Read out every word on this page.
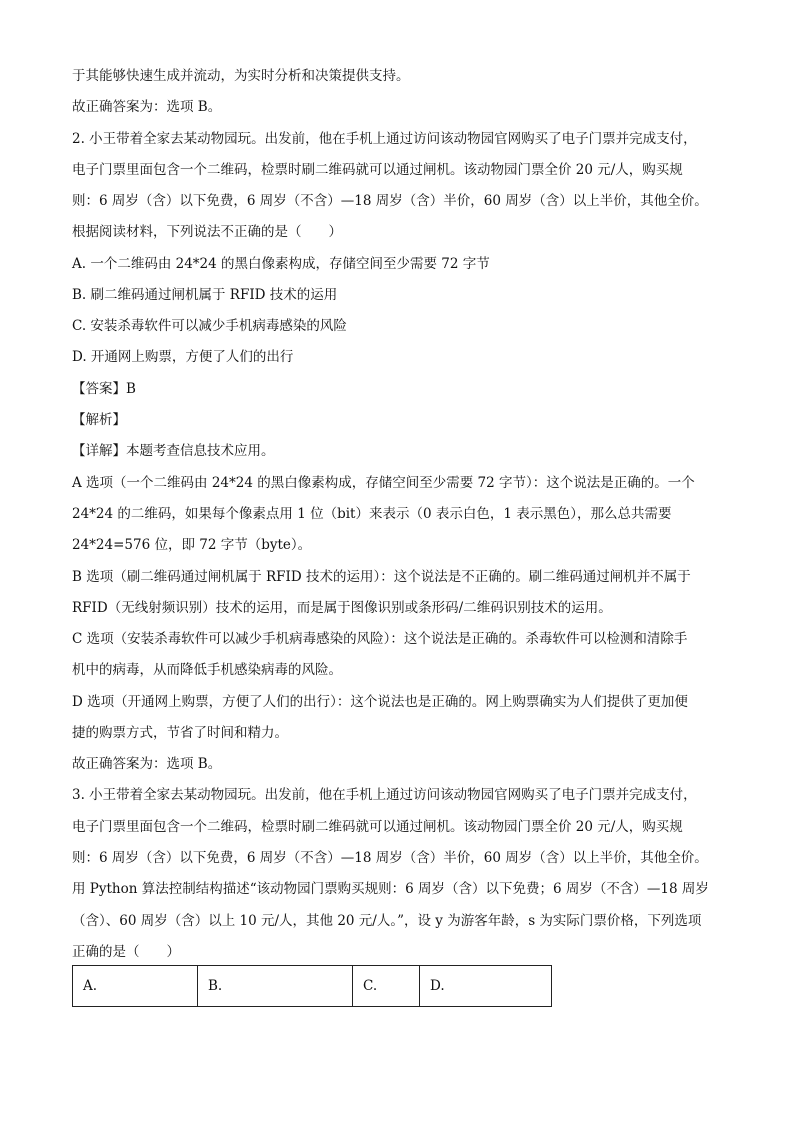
于其能够快速生成并流动，为实时分析和决策提供支持。
故正确答案为：选项 B。
2. 小王带着全家去某动物园玩。出发前，他在手机上通过访问该动物园官网购买了电子门票并完成支付，
电子门票里面包含一个二维码，检票时刷二维码就可以通过闸机。该动物园门票全价 20 元/人，购买规
则：6 周岁（含）以下免费，6 周岁（不含）—18 周岁（含）半价，60 周岁（含）以上半价，其他全价。
根据阅读材料，下列说法不正确的是（　　）
A. 一个二维码由 24*24 的黑白像素构成，存储空间至少需要 72 字节
B. 刷二维码通过闸机属于 RFID 技术的运用
C. 安装杀毒软件可以减少手机病毒感染的风险
D. 开通网上购票，方便了人们的出行
【答案】B
【解析】
【详解】本题考查信息技术应用。
A 选项（一个二维码由 24*24 的黑白像素构成，存储空间至少需要 72 字节）：这个说法是正确的。一个
24*24 的二维码，如果每个像素点用 1 位（bit）来表示（0 表示白色，1 表示黑色），那么总共需要
24*24=576 位，即 72 字节（byte）。
B 选项（刷二维码通过闸机属于 RFID 技术的运用）：这个说法是不正确的。刷二维码通过闸机并不属于
RFID（无线射频识别）技术的运用，而是属于图像识别或条形码/二维码识别技术的运用。
C 选项（安装杀毒软件可以减少手机病毒感染的风险）：这个说法是正确的。杀毒软件可以检测和清除手
机中的病毒，从而降低手机感染病毒的风险。
D 选项（开通网上购票，方便了人们的出行）：这个说法也是正确的。网上购票确实为人们提供了更加便
捷的购票方式，节省了时间和精力。
故正确答案为：选项 B。
3. 小王带着全家去某动物园玩。出发前，他在手机上通过访问该动物园官网购买了电子门票并完成支付，
电子门票里面包含一个二维码，检票时刷二维码就可以通过闸机。该动物园门票全价 20 元/人，购买规
则：6 周岁（含）以下免费，6 周岁（不含）—18 周岁（含）半价，60 周岁（含）以上半价，其他全价。
用 Python 算法控制结构描述“该动物园门票购买规则：6 周岁（含）以下免费；6 周岁（不含）—18 周岁
（含）、60 周岁（含）以上 10 元/人，其他 20 元/人。”，设 y 为游客年龄，s 为实际门票价格，下列选项
正确的是（　　）
A.	B.	C.	D.
